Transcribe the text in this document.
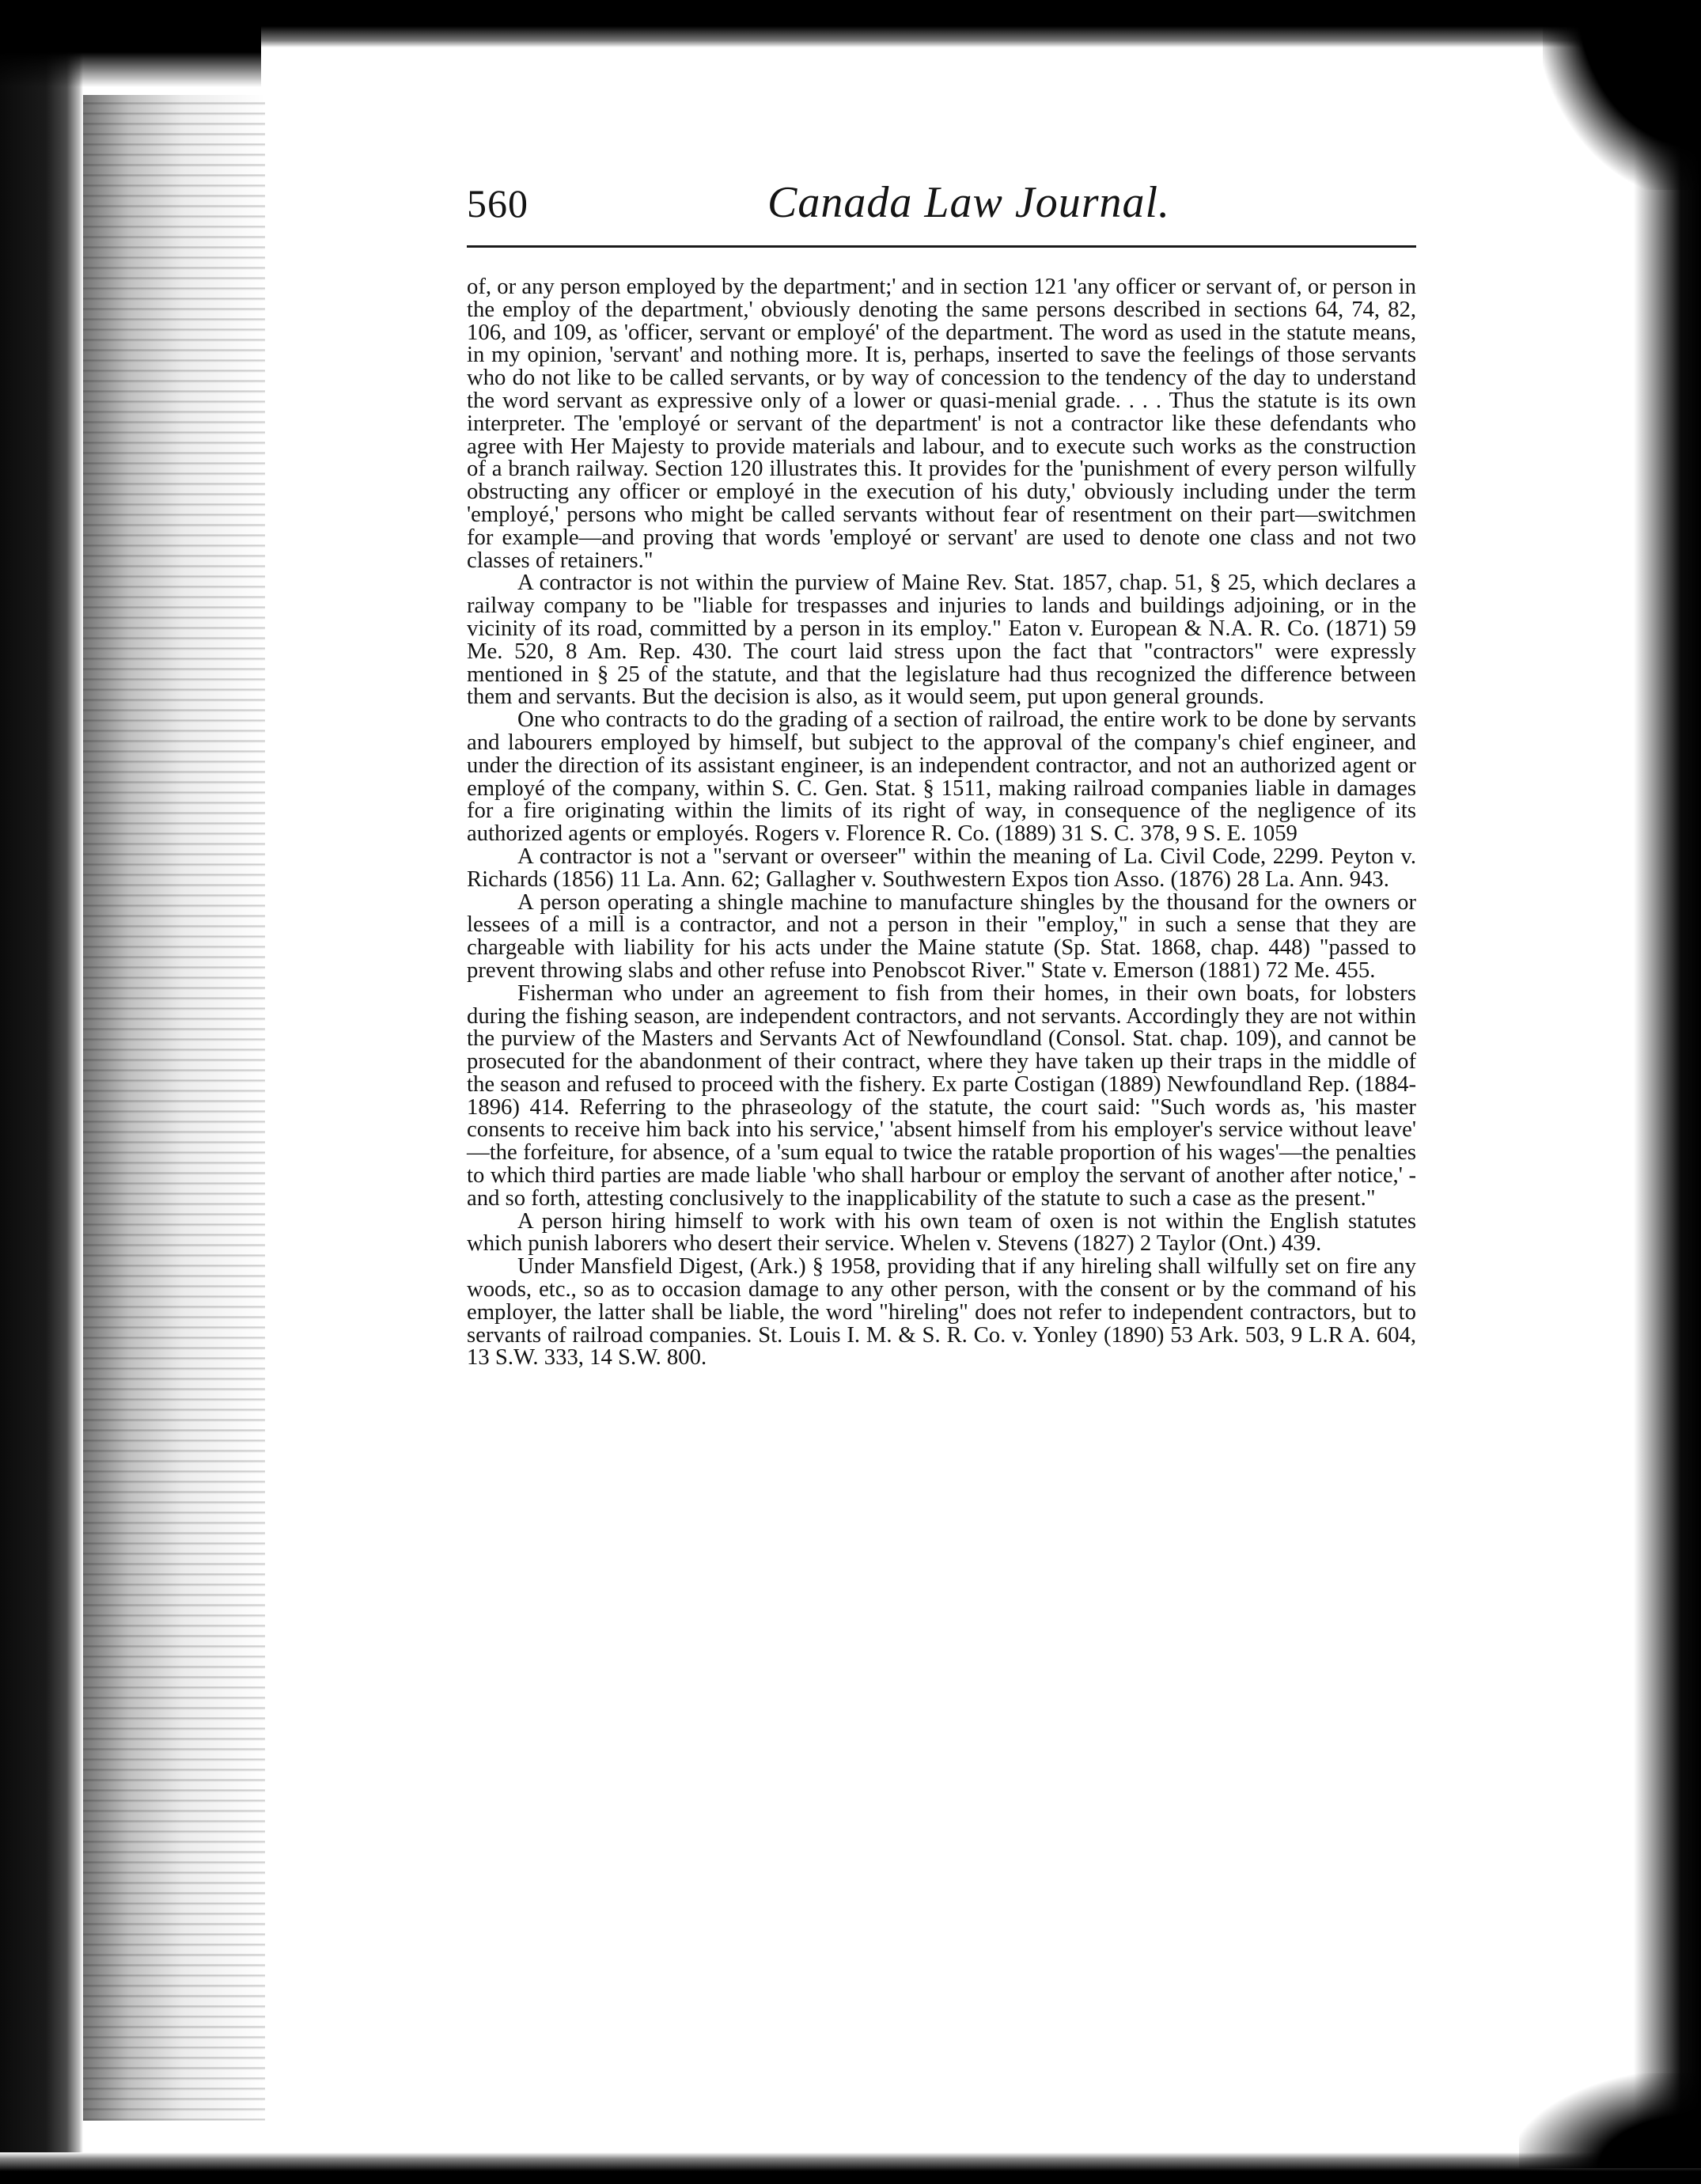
560	Canada Law Journal.

of, or any person employed by the department;' and in section 121 'any officer or servant of, or person in the employ of the department,' obviously denoting the same persons described in sections 64, 74, 82, 106, and 109, as 'officer, servant or employé' of the department. The word as used in the statute means, in my opinion, 'servant' and nothing more. It is, perhaps, inserted to save the feelings of those servants who do not like to be called servants, or by way of concession to the tendency of the day to understand the word servant as expressive only of a lower or quasi-menial grade. . . . Thus the statute is its own interpreter. The 'employé or servant of the department' is not a contractor like these defendants who agree with Her Majesty to provide materials and labour, and to execute such works as the construction of a branch railway. Section 120 illustrates this. It provides for the 'punishment of every person wilfully obstructing any officer or employé in the execution of his duty,' obviously including under the term 'employé,' persons who might be called servants without fear of resentment on their part—switchmen for example—and proving that words 'employé or servant' are used to denote one class and not two classes of retainers."

A contractor is not within the purview of Maine Rev. Stat. 1857, chap. 51, § 25, which declares a railway company to be "liable for trespasses and injuries to lands and buildings adjoining, or in the vicinity of its road, committed by a person in its employ." Eaton v. European & N.A. R. Co. (1871) 59 Me. 520, 8 Am. Rep. 430. The court laid stress upon the fact that "contractors" were expressly mentioned in § 25 of the statute, and that the legislature had thus recognized the difference between them and servants. But the decision is also, as it would seem, put upon general grounds.

One who contracts to do the grading of a section of railroad, the entire work to be done by servants and labourers employed by himself, but subject to the approval of the company's chief engineer, and under the direction of its assistant engineer, is an independent contractor, and not an authorized agent or employé of the company, within S. C. Gen. Stat. § 1511, making railroad companies liable in damages for a fire originating within the limits of its right of way, in consequence of the negligence of its authorized agents or employés. Rogers v. Florence R. Co. (1889) 31 S. C. 378, 9 S. E. 1059

A contractor is not a "servant or overseer" within the meaning of La. Civil Code, 2299. Peyton v. Richards (1856) 11 La. Ann. 62; Gallagher v. Southwestern Expos tion Asso. (1876) 28 La. Ann. 943.

A person operating a shingle machine to manufacture shingles by the thousand for the owners or lessees of a mill is a contractor, and not a person in their "employ," in such a sense that they are chargeable with liability for his acts under the Maine statute (Sp. Stat. 1868, chap. 448) "passed to prevent throwing slabs and other refuse into Penobscot River." State v. Emerson (1881) 72 Me. 455.

Fisherman who under an agreement to fish from their homes, in their own boats, for lobsters during the fishing season, are independent contractors, and not servants. Accordingly they are not within the purview of the Masters and Servants Act of Newfoundland (Consol. Stat. chap. 109), and cannot be prosecuted for the abandonment of their contract, where they have taken up their traps in the middle of the season and refused to proceed with the fishery. Ex parte Costigan (1889) Newfoundland Rep. (1884-1896) 414. Referring to the phraseology of the statute, the court said: "Such words as, 'his master consents to receive him back into his service,' 'absent himself from his employer's service without leave' —the forfeiture, for absence, of a 'sum equal to twice the ratable proportion of his wages'—the penalties to which third parties are made liable 'who shall harbour or employ the servant of another after notice,' - and so forth, attesting conclusively to the inapplicability of the statute to such a case as the present."

A person hiring himself to work with his own team of oxen is not within the English statutes which punish laborers who desert their service. Whelen v. Stevens (1827) 2 Taylor (Ont.) 439.

Under Mansfield Digest, (Ark.) § 1958, providing that if any hireling shall wilfully set on fire any woods, etc., so as to occasion damage to any other person, with the consent or by the command of his employer, the latter shall be liable, the word "hireling" does not refer to independent contractors, but to servants of railroad companies. St. Louis I. M. & S. R. Co. v. Yonley (1890) 53 Ark. 503, 9 L.R A. 604, 13 S.W. 333, 14 S.W. 800.
